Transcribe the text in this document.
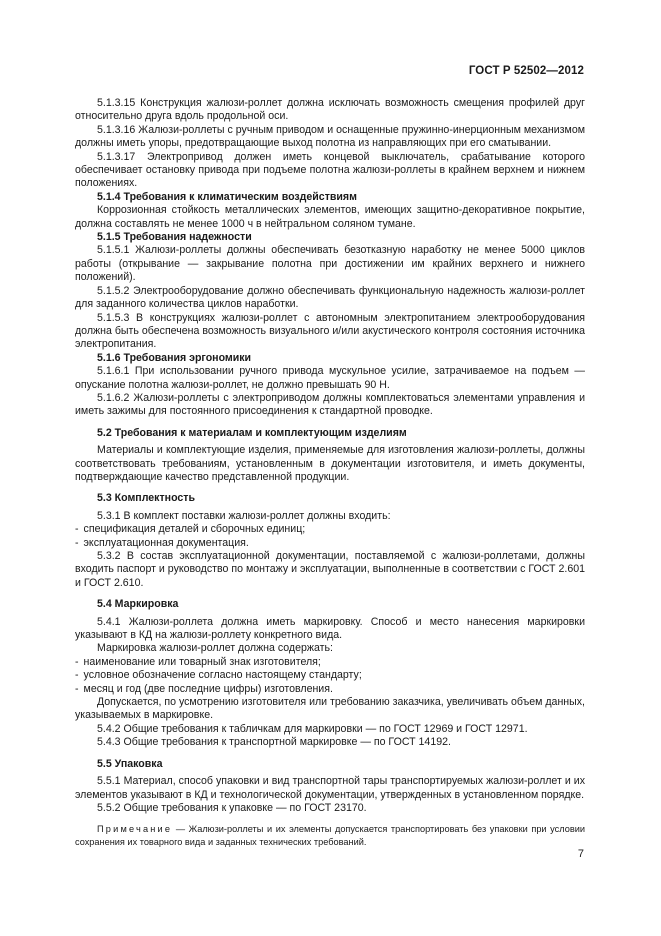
ГОСТ Р 52502—2012

5.1.3.15 Конструкция жалюзи-роллет должна исключать возможность смещения профилей друг относительно друга вдоль продольной оси.

5.1.3.16 Жалюзи-роллеты с ручным приводом и оснащенные пружинно-инерционным механизмом должны иметь упоры, предотвращающие выход полотна из направляющих при его сматывании.

5.1.3.17 Электропривод должен иметь концевой выключатель, срабатывание которого обеспечивает остановку привода при подъеме полотна жалюзи-роллеты в крайнем верхнем и нижнем положениях.

5.1.4 Требования к климатическим воздействиям

Коррозионная стойкость металлических элементов, имеющих защитно-декоративное покрытие, должна составлять не менее 1000 ч в нейтральном соляном тумане.

5.1.5 Требования надежности

5.1.5.1 Жалюзи-роллеты должны обеспечивать безотказную наработку не менее 5000 циклов работы (открывание — закрывание полотна при достижении им крайних верхнего и нижнего положений).

5.1.5.2 Электрооборудование должно обеспечивать функциональную надежность жалюзи-роллет для заданного количества циклов наработки.

5.1.5.3 В конструкциях жалюзи-роллет с автономным электропитанием электрооборудования должна быть обеспечена возможность визуального и/или акустического контроля состояния источника электропитания.

5.1.6 Требования эргономики

5.1.6.1 При использовании ручного привода мускульное усилие, затрачиваемое на подъем — опускание полотна жалюзи-роллет, не должно превышать 90 Н.

5.1.6.2 Жалюзи-роллеты с электроприводом должны комплектоваться элементами управления и иметь зажимы для постоянного присоединения к стандартной проводке.

5.2 Требования к материалам и комплектующим изделиям

Материалы и комплектующие изделия, применяемые для изготовления жалюзи-роллеты, должны соответствовать требованиям, установленным в документации изготовителя, и иметь документы, подтверждающие качество представленной продукции.

5.3 Комплектность

5.3.1 В комплект поставки жалюзи-роллет должны входить:

- спецификация деталей и сборочных единиц;

- эксплуатационная документация.

5.3.2 В состав эксплуатационной документации, поставляемой с жалюзи-роллетами, должны входить паспорт и руководство по монтажу и эксплуатации, выполненные в соответствии с ГОСТ 2.601 и ГОСТ 2.610.

5.4 Маркировка

5.4.1 Жалюзи-роллета должна иметь маркировку. Способ и место нанесения маркировки указывают в КД на жалюзи-роллету конкретного вида.

Маркировка жалюзи-роллет должна содержать:

- наименование или товарный знак изготовителя;

- условное обозначение согласно настоящему стандарту;

- месяц и год (две последние цифры) изготовления.

Допускается, по усмотрению изготовителя или требованию заказчика, увеличивать объем данных, указываемых в маркировке.

5.4.2 Общие требования к табличкам для маркировки — по ГОСТ 12969 и ГОСТ 12971.

5.4.3 Общие требования к транспортной маркировке — по ГОСТ 14192.

5.5 Упаковка

5.5.1 Материал, способ упаковки и вид транспортной тары транспортируемых жалюзи-роллет и их элементов указывают в КД и технологической документации, утвержденных в установленном порядке.

5.5.2 Общие требования к упаковке — по ГОСТ 23170.

Примечание — Жалюзи-роллеты и их элементы допускается транспортировать без упаковки при условии сохранения их товарного вида и заданных технических требований.

7
